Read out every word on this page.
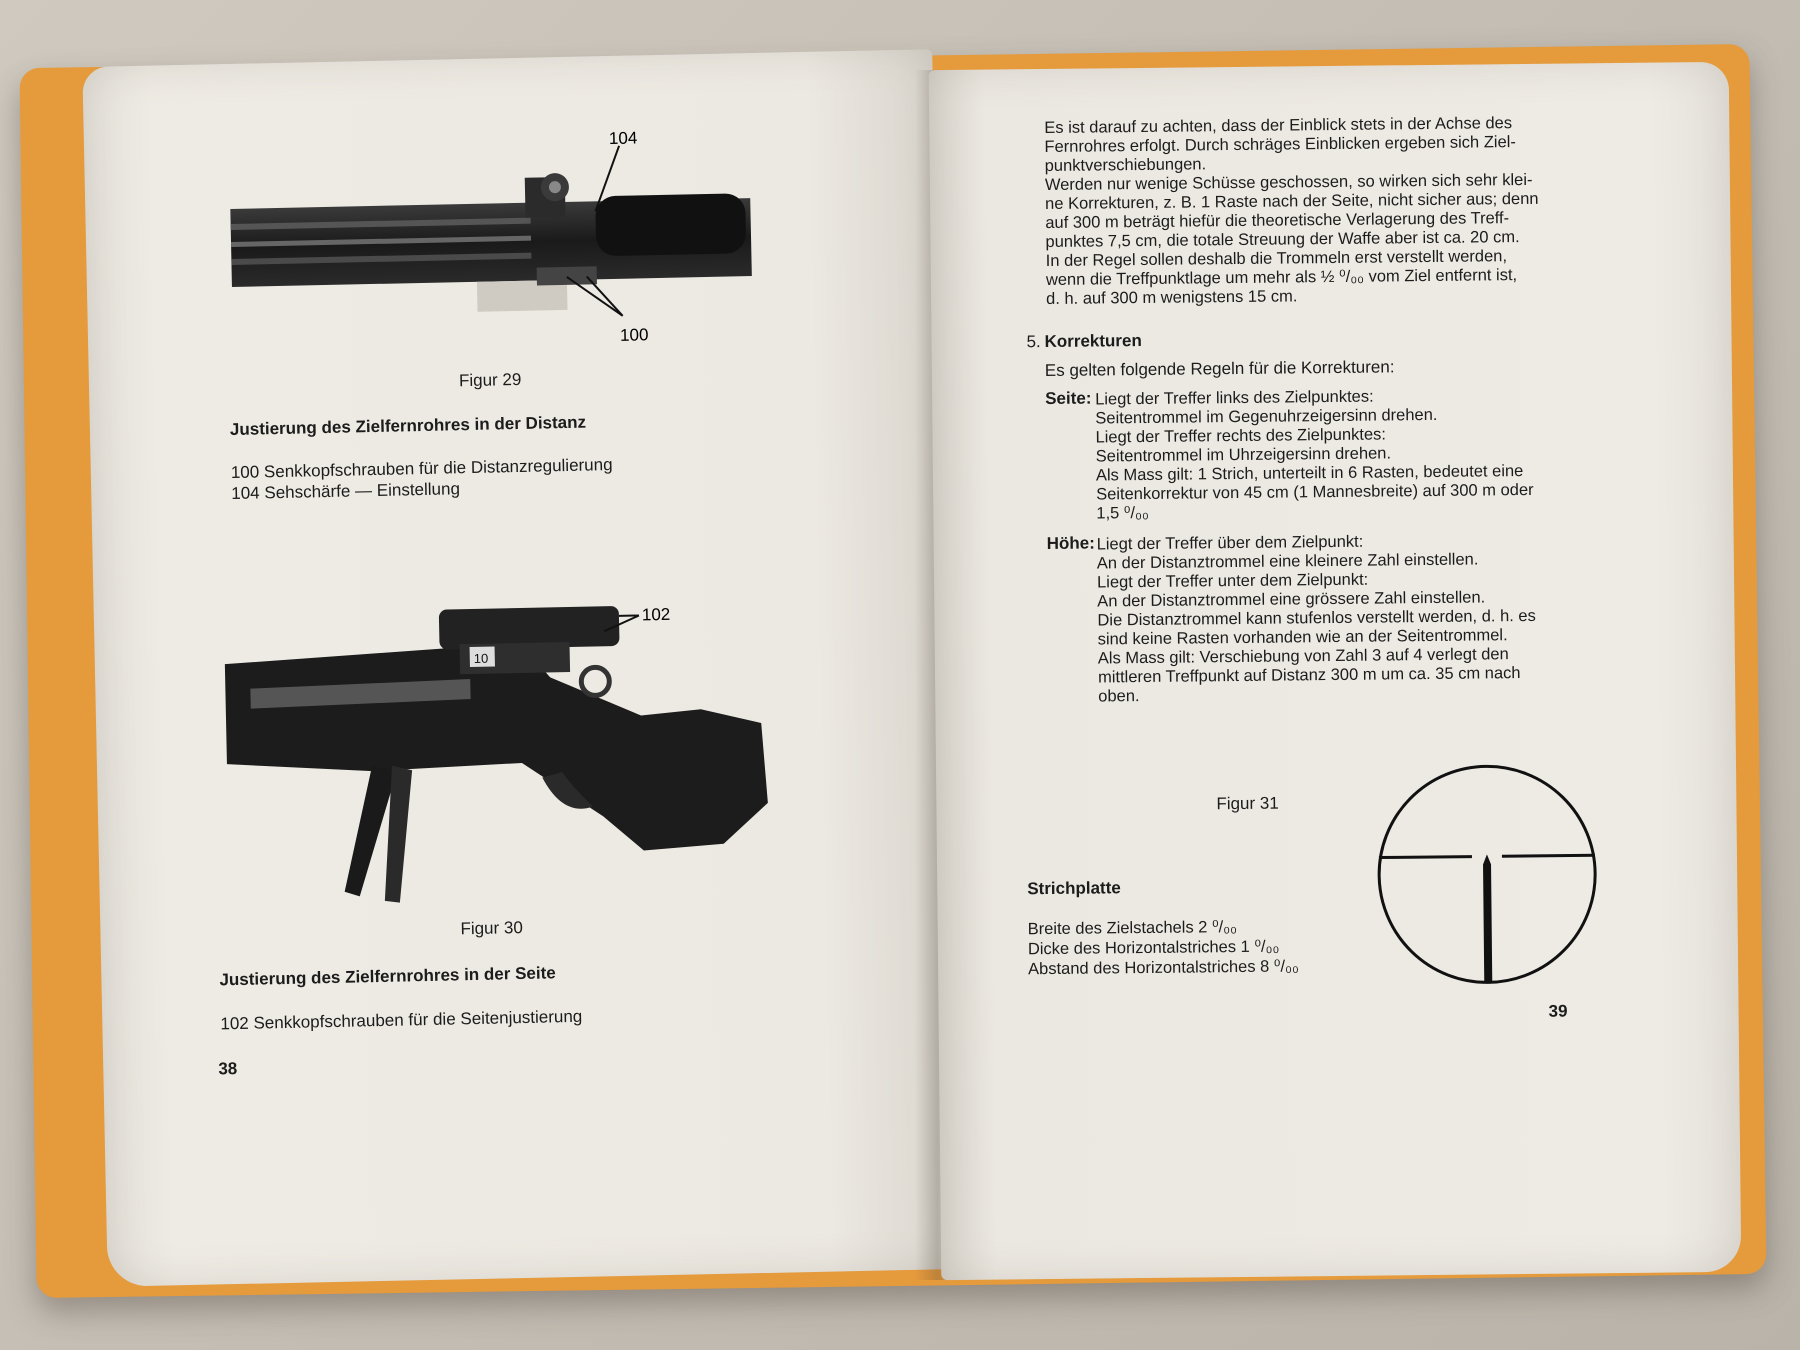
104
100
Figur 29
Justierung des Zielfernrohres in der Distanz
100 Senkkopfschrauben für die Distanzregulierung
104 Sehschärfe — Einstellung
10
102
Figur 30
Justierung des Zielfernrohres in der Seite
102 Senkkopfschrauben für die Seitenjustierung
38
Es ist darauf zu achten, dass der Einblick stets in der Achse des
Fernrohres erfolgt. Durch schräges Einblicken ergeben sich Ziel-
punktverschiebungen.
Werden nur wenige Schüsse geschossen, so wirken sich sehr klei-
ne Korrekturen, z. B. 1 Raste nach der Seite, nicht sicher aus; denn
auf 300 m beträgt hiefür die theoretische Verlagerung des Treff-
punktes 7,5 cm, die totale Streuung der Waffe aber ist ca. 20 cm.
In der Regel sollen deshalb die Trommeln erst verstellt werden,
wenn die Treffpunktlage um mehr als ½ ⁰/₀₀ vom Ziel entfernt ist,
d. h. auf 300 m wenigstens 15 cm.
5. Korrekturen
Es gelten folgende Regeln für die Korrekturen:
Seite: Liegt der Treffer links des Zielpunktes:
Seitentrommel im Gegenuhrzeigersinn drehen.
Liegt der Treffer rechts des Zielpunktes:
Seitentrommel im Uhrzeigersinn drehen.
Als Mass gilt: 1 Strich, unterteilt in 6 Rasten, bedeutet eine
Seitenkorrektur von 45 cm (1 Mannesbreite) auf 300 m oder
1,5 ⁰/₀₀
Höhe: Liegt der Treffer über dem Zielpunkt:
An der Distanztrommel eine kleinere Zahl einstellen.
Liegt der Treffer unter dem Zielpunkt:
An der Distanztrommel eine grössere Zahl einstellen.
Die Distanztrommel kann stufenlos verstellt werden, d. h. es
sind keine Rasten vorhanden wie an der Seitentrommel.
Als Mass gilt: Verschiebung von Zahl 3 auf 4 verlegt den
mittleren Treffpunkt auf Distanz 300 m um ca. 35 cm nach
oben.
Figur 31
Strichplatte
Breite des Zielstachels 2 ⁰/₀₀
Dicke des Horizontalstriches 1 ⁰/₀₀
Abstand des Horizontalstriches 8 ⁰/₀₀
39
